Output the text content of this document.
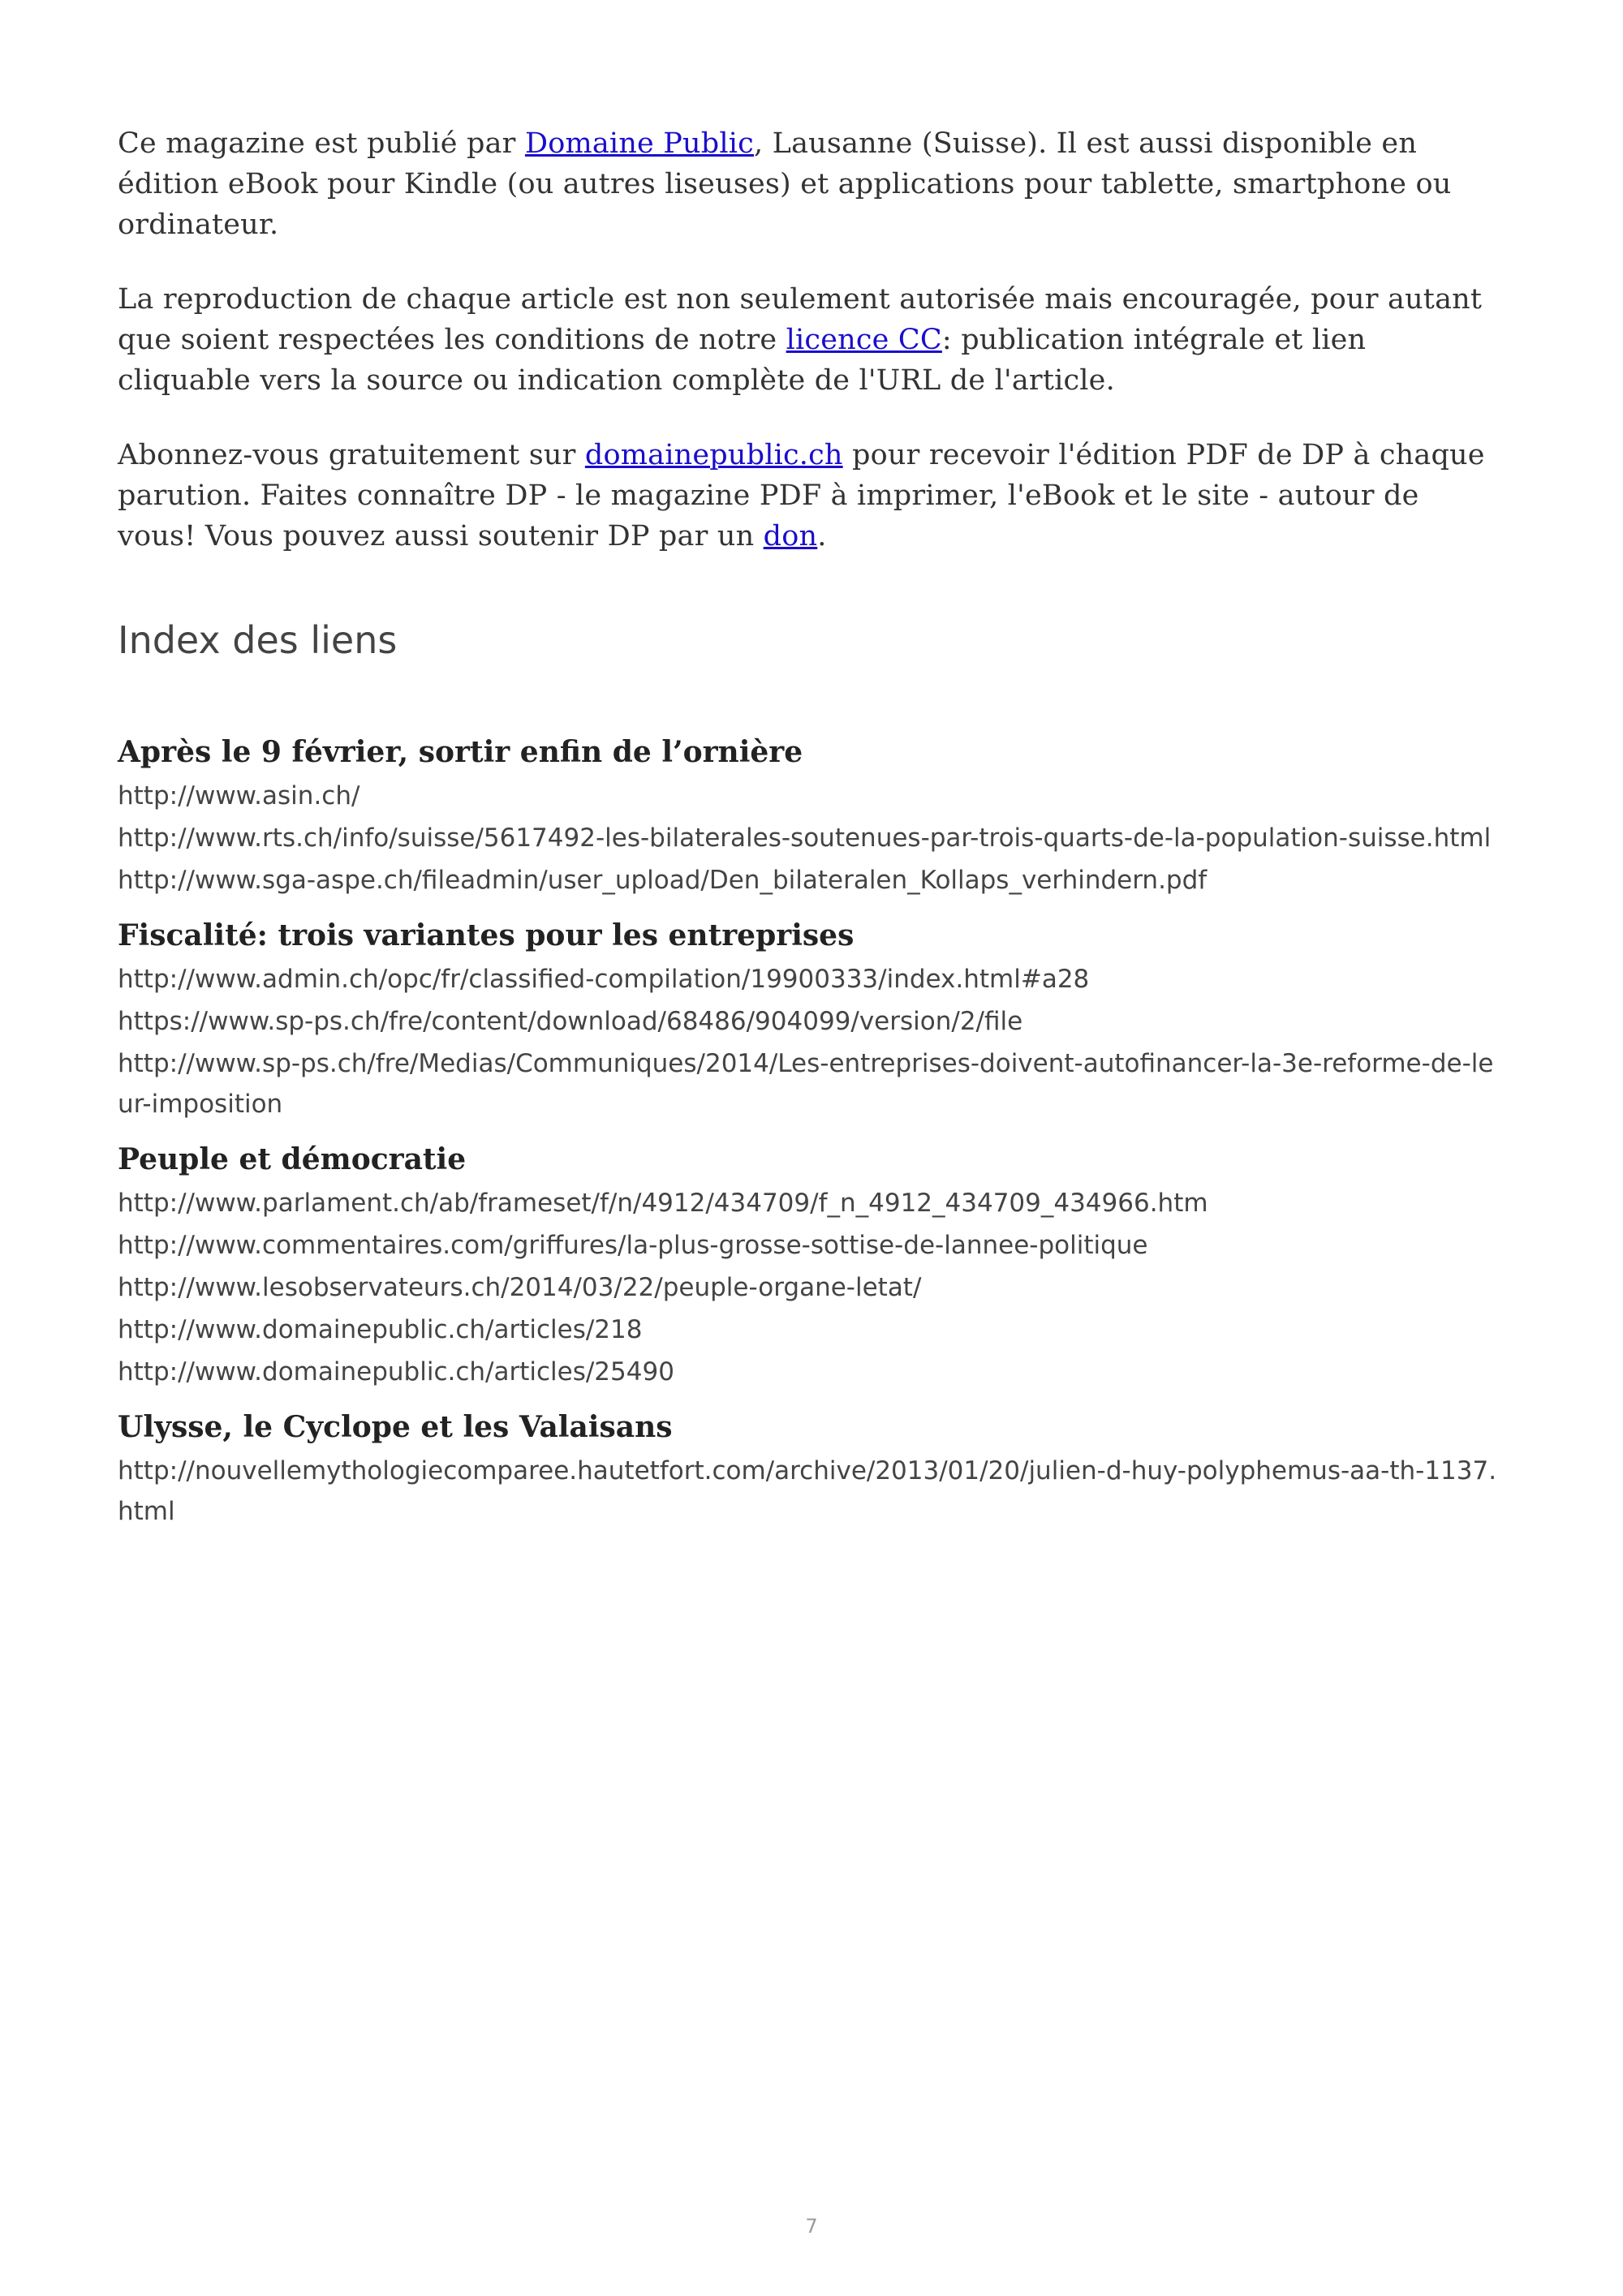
Ce magazine est publié par Domaine Public, Lausanne (Suisse). Il est aussi disponible en édition eBook pour Kindle (ou autres liseuses) et applications pour tablette, smartphone ou ordinateur.

La reproduction de chaque article est non seulement autorisée mais encouragée, pour autant que soient respectées les conditions de notre licence CC: publication intégrale et lien cliquable vers la source ou indication complète de l'URL de l'article.

Abonnez-vous gratuitement sur domainepublic.ch pour recevoir l'édition PDF de DP à chaque parution. Faites connaître DP - le magazine PDF à imprimer, l'eBook et le site - autour de vous! Vous pouvez aussi soutenir DP par un don.

Index des liens
Après le 9 février, sortir enfin de l’ornière
http://www.asin.ch/
http://www.rts.ch/info/suisse/5617492-les-bilaterales-soutenues-par-trois-quarts-de-la-population-suisse.html
http://www.sga-aspe.ch/fileadmin/user_upload/Den_bilateralen_Kollaps_verhindern.pdf
Fiscalité: trois variantes pour les entreprises
http://www.admin.ch/opc/fr/classified-compilation/19900333/index.html#a28
https://www.sp-ps.ch/fre/content/download/68486/904099/version/2/file
http://www.sp-ps.ch/fre/Medias/Communiques/2014/Les-entreprises-doivent-autofinancer-la-3e-reforme-de-leur-imposition
Peuple et démocratie
http://www.parlament.ch/ab/frameset/f/n/4912/434709/f_n_4912_434709_434966.htm
http://www.commentaires.com/griffures/la-plus-grosse-sottise-de-lannee-politique
http://www.lesobservateurs.ch/2014/03/22/peuple-organe-letat/
http://www.domainepublic.ch/articles/218
http://www.domainepublic.ch/articles/25490
Ulysse, le Cyclope et les Valaisans
http://nouvellemythologiecomparee.hautetfort.com/archive/2013/01/20/julien-d-huy-polyphemus-aa-th-1137.html
7
